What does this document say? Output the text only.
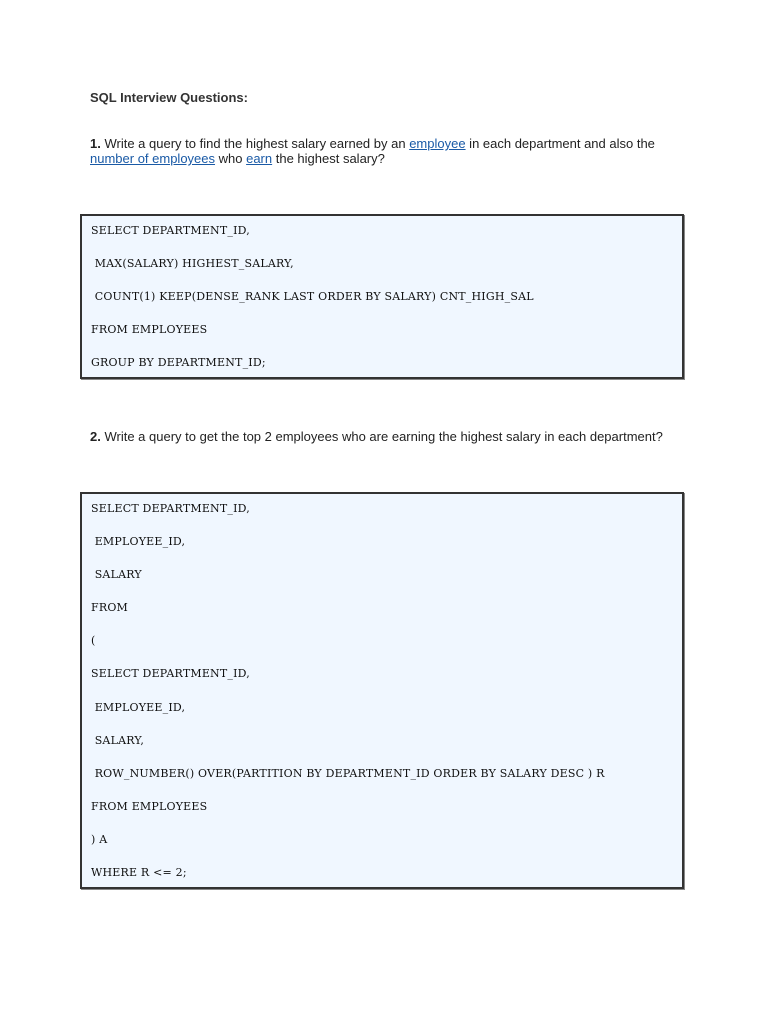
SQL Interview Questions:

1. Write a query to find the highest salary earned by an employee in each department and also the number of employees who earn the highest salary?

SELECT DEPARTMENT_ID,
MAX(SALARY) HIGHEST_SALARY,
COUNT(1) KEEP(DENSE_RANK LAST ORDER BY SALARY) CNT_HIGH_SAL
FROM EMPLOYEES
GROUP BY DEPARTMENT_ID;

2. Write a query to get the top 2 employees who are earning the highest salary in each department?

SELECT DEPARTMENT_ID,
EMPLOYEE_ID,
SALARY
FROM
(
SELECT DEPARTMENT_ID,
EMPLOYEE_ID,
SALARY,
ROW_NUMBER() OVER(PARTITION BY DEPARTMENT_ID ORDER BY SALARY DESC ) R
FROM EMPLOYEES
) A
WHERE R <= 2;
